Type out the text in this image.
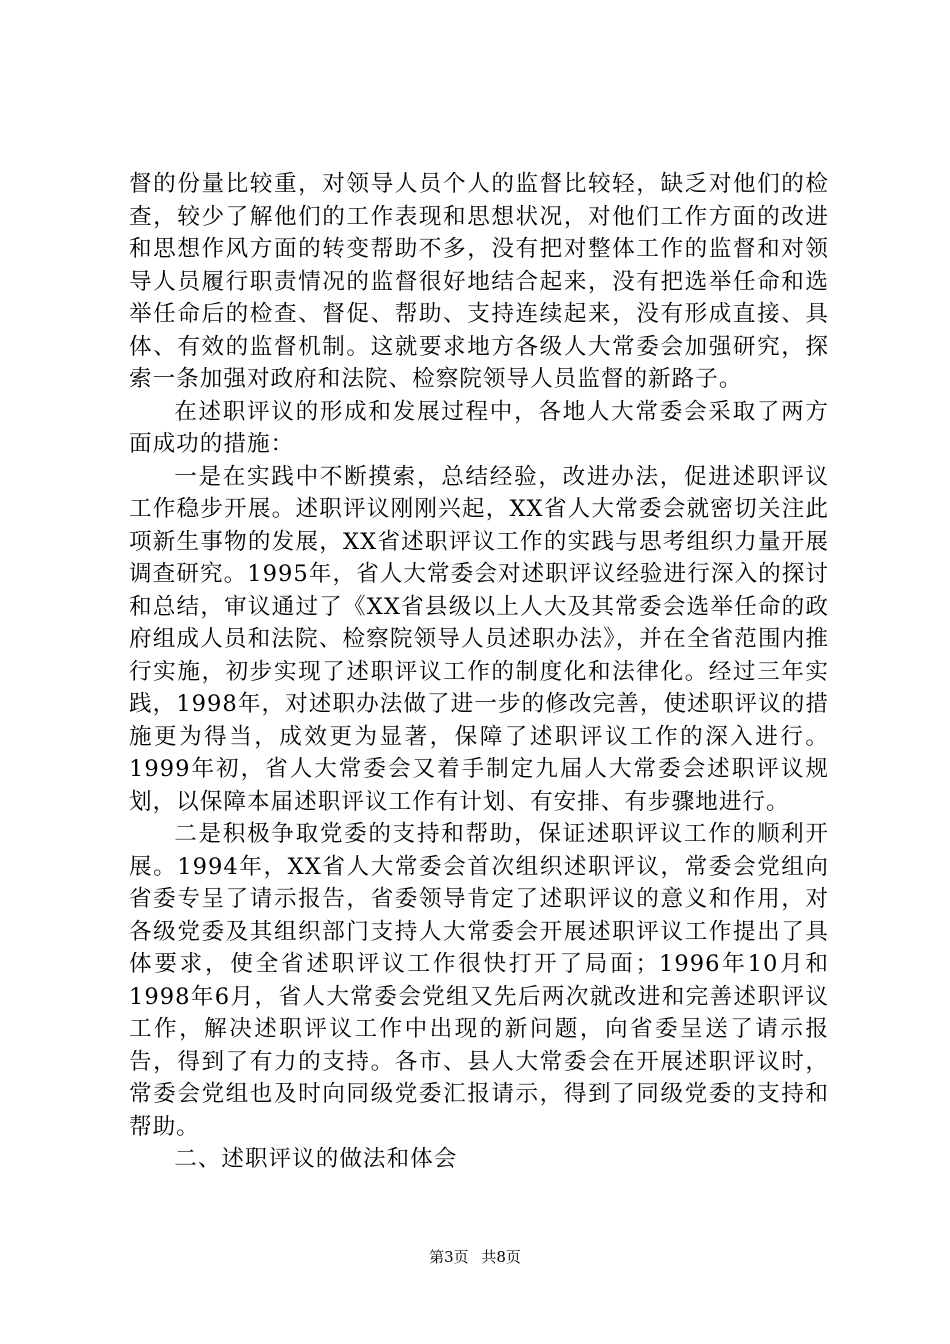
督的份量比较重，对领导人员个人的监督比较轻，缺乏对他们的检查，较少了解他们的工作表现和思想状况，对他们工作方面的改进和思想作风方面的转变帮助不多，没有把对整体工作的监督和对领导人员履行职责情况的监督很好地结合起来，没有把选举任命和选举任命后的检查、督促、帮助、支持连续起来，没有形成直接、具体、有效的监督机制。这就要求地方各级人大常委会加强研究，探索一条加强对政府和法院、检察院领导人员监督的新路子。

在述职评议的形成和发展过程中，各地人大常委会采取了两方面成功的措施：

一是在实践中不断摸索，总结经验，改进办法，促进述职评议工作稳步开展。述职评议刚刚兴起，XX省人大常委会就密切关注此项新生事物的发展，XX省述职评议工作的实践与思考组织力量开展调查研究。1995年，省人大常委会对述职评议经验进行深入的探讨和总结，审议通过了《XX省县级以上人大及其常委会选举任命的政府组成人员和法院、检察院领导人员述职办法》，并在全省范围内推行实施，初步实现了述职评议工作的制度化和法律化。经过三年实践，1998年，对述职办法做了进一步的修改完善，使述职评议的措施更为得当，成效更为显著，保障了述职评议工作的深入进行。1999年初，省人大常委会又着手制定九届人大常委会述职评议规划，以保障本届述职评议工作有计划、有安排、有步骤地进行。

二是积极争取党委的支持和帮助，保证述职评议工作的顺利开展。1994年，XX省人大常委会首次组织述职评议，常委会党组向省委专呈了请示报告，省委领导肯定了述职评议的意义和作用，对各级党委及其组织部门支持人大常委会开展述职评议工作提出了具体要求，使全省述职评议工作很快打开了局面；1996年10月和1998年6月，省人大常委会党组又先后两次就改进和完善述职评议工作，解决述职评议工作中出现的新问题，向省委呈送了请示报告，得到了有力的支持。各市、县人大常委会在开展述职评议时，常委会党组也及时向同级党委汇报请示，得到了同级党委的支持和帮助。

二、述职评议的做法和体会

第3页 共8页
